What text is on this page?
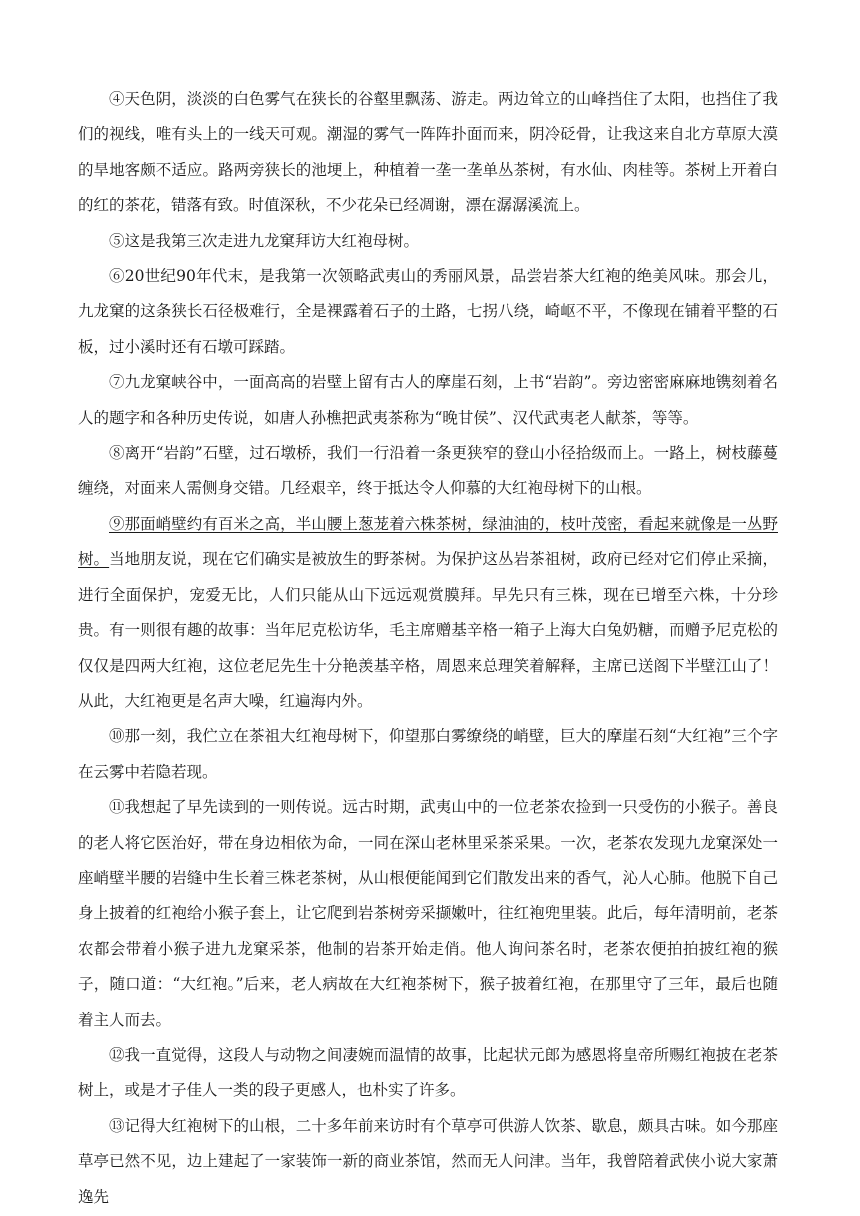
④天色阴，淡淡的白色雾气在狭长的谷壑里飘荡、游走。两边耸立的山峰挡住了太阳，也挡住了我们的视线，唯有头上的一线天可观。潮湿的雾气一阵阵扑面而来，阴冷砭骨，让我这来自北方草原大漠的旱地客颇不适应。路两旁狭长的池埂上，种植着一垄一垄单丛茶树，有水仙、肉桂等。茶树上开着白的红的茶花，错落有致。时值深秋，不少花朵已经凋谢，漂在潺潺溪流上。

⑤这是我第三次走进九龙窠拜访大红袍母树。

⑥20世纪90年代末，是我第一次领略武夷山的秀丽风景，品尝岩茶大红袍的绝美风味。那会儿，九龙窠的这条狭长石径极难行，全是裸露着石子的土路，七拐八绕，崎岖不平，不像现在铺着平整的石板，过小溪时还有石墩可踩踏。

⑦九龙窠峡谷中，一面高高的岩壁上留有古人的摩崖石刻，上书“岩韵”。旁边密密麻麻地镌刻着名人的题字和各种历史传说，如唐人孙樵把武夷茶称为“晚甘侯”、汉代武夷老人献茶，等等。

⑧离开“岩韵”石壁，过石墩桥，我们一行沿着一条更狭窄的登山小径拾级而上。一路上，树枝藤蔓缠绕，对面来人需侧身交错。几经艰辛，终于抵达令人仰慕的大红袍母树下的山根。

⑨那面峭壁约有百米之高，半山腰上葱茏着六株茶树，绿油油的，枝叶茂密，看起来就像是一丛野树。当地朋友说，现在它们确实是被放生的野茶树。为保护这丛岩茶祖树，政府已经对它们停止采摘，进行全面保护，宠爱无比，人们只能从山下远远观赏膜拜。早先只有三株，现在已增至六株，十分珍贵。有一则很有趣的故事：当年尼克松访华，毛主席赠基辛格一箱子上海大白兔奶糖，而赠予尼克松的仅仅是四两大红袍，这位老尼先生十分艳羡基辛格，周恩来总理笑着解释，主席已送阁下半壁江山了！从此，大红袍更是名声大噪，红遍海内外。

⑩那一刻，我伫立在茶祖大红袍母树下，仰望那白雾缭绕的峭壁，巨大的摩崖石刻“大红袍”三个字在云雾中若隐若现。

⑪我想起了早先读到的一则传说。远古时期，武夷山中的一位老茶农捡到一只受伤的小猴子。善良的老人将它医治好，带在身边相依为命，一同在深山老林里采茶采果。一次，老茶农发现九龙窠深处一座峭壁半腰的岩缝中生长着三株老茶树，从山根便能闻到它们散发出来的香气，沁人心肺。他脱下自己身上披着的红袍给小猴子套上，让它爬到岩茶树旁采撷嫩叶，往红袍兜里装。此后，每年清明前，老茶农都会带着小猴子进九龙窠采茶，他制的岩茶开始走俏。他人询问茶名时，老茶农便拍拍披红袍的猴子，随口道：“大红袍。”后来，老人病故在大红袍茶树下，猴子披着红袍，在那里守了三年，最后也随着主人而去。

⑫我一直觉得，这段人与动物之间凄婉而温情的故事，比起状元郎为感恩将皇帝所赐红袍披在老茶树上，或是才子佳人一类的段子更感人，也朴实了许多。

⑬记得大红袍树下的山根，二十多年前来访时有个草亭可供游人饮茶、歇息，颇具古味。如今那座草亭已然不见，边上建起了一家装饰一新的商业茶馆，然而无人问津。当年，我曾陪着武侠小说大家萧逸先
